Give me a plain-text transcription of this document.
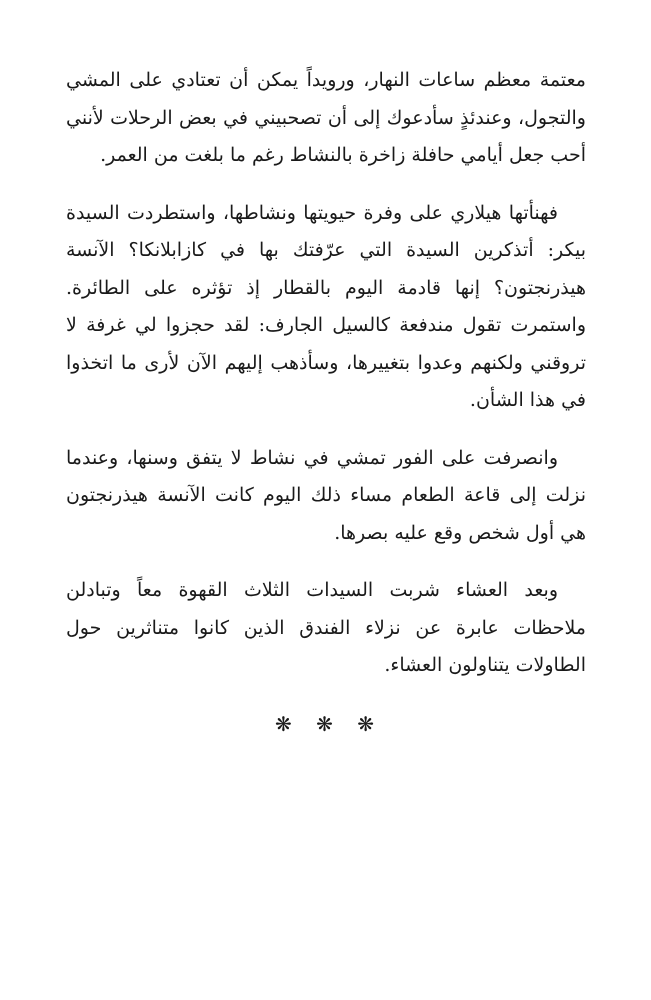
معتمة معظم ساعات النهار، ورويداً يمكن أن تعتادي على المشي والتجول، وعندئذٍ سأدعوك إلى أن تصحبيني في بعض الرحلات لأنني أحب جعل أيامي حافلة زاخرة بالنشاط رغم ما بلغت من العمر.

فهنأتها هيلاري على وفرة حيويتها ونشاطها، واستطردت السيدة بيكر: أتذكرين السيدة التي عرّفتك بها في كازابلانكا؟ الآنسة هيذرنجتون؟ إنها قادمة اليوم بالقطار إذ تؤثره على الطائرة. واستمرت تقول مندفعة كالسيل الجارف: لقد حجزوا لي غرفة لا تروقني ولكنهم وعدوا بتغييرها، وسأذهب إليهم الآن لأرى ما اتخذوا في هذا الشأن.

وانصرفت على الفور تمشي في نشاط لا يتفق وسنها، وعندما نزلت إلى قاعة الطعام مساء ذلك اليوم كانت الآنسة هيذرنجتون هي أول شخص وقع عليه بصرها.

وبعد العشاء شربت السيدات الثلاث القهوة معاً وتبادلن ملاحظات عابرة عن نزلاء الفندق الذين كانوا متناثرين حول الطاولات يتناولون العشاء.

❋ ❋ ❋
